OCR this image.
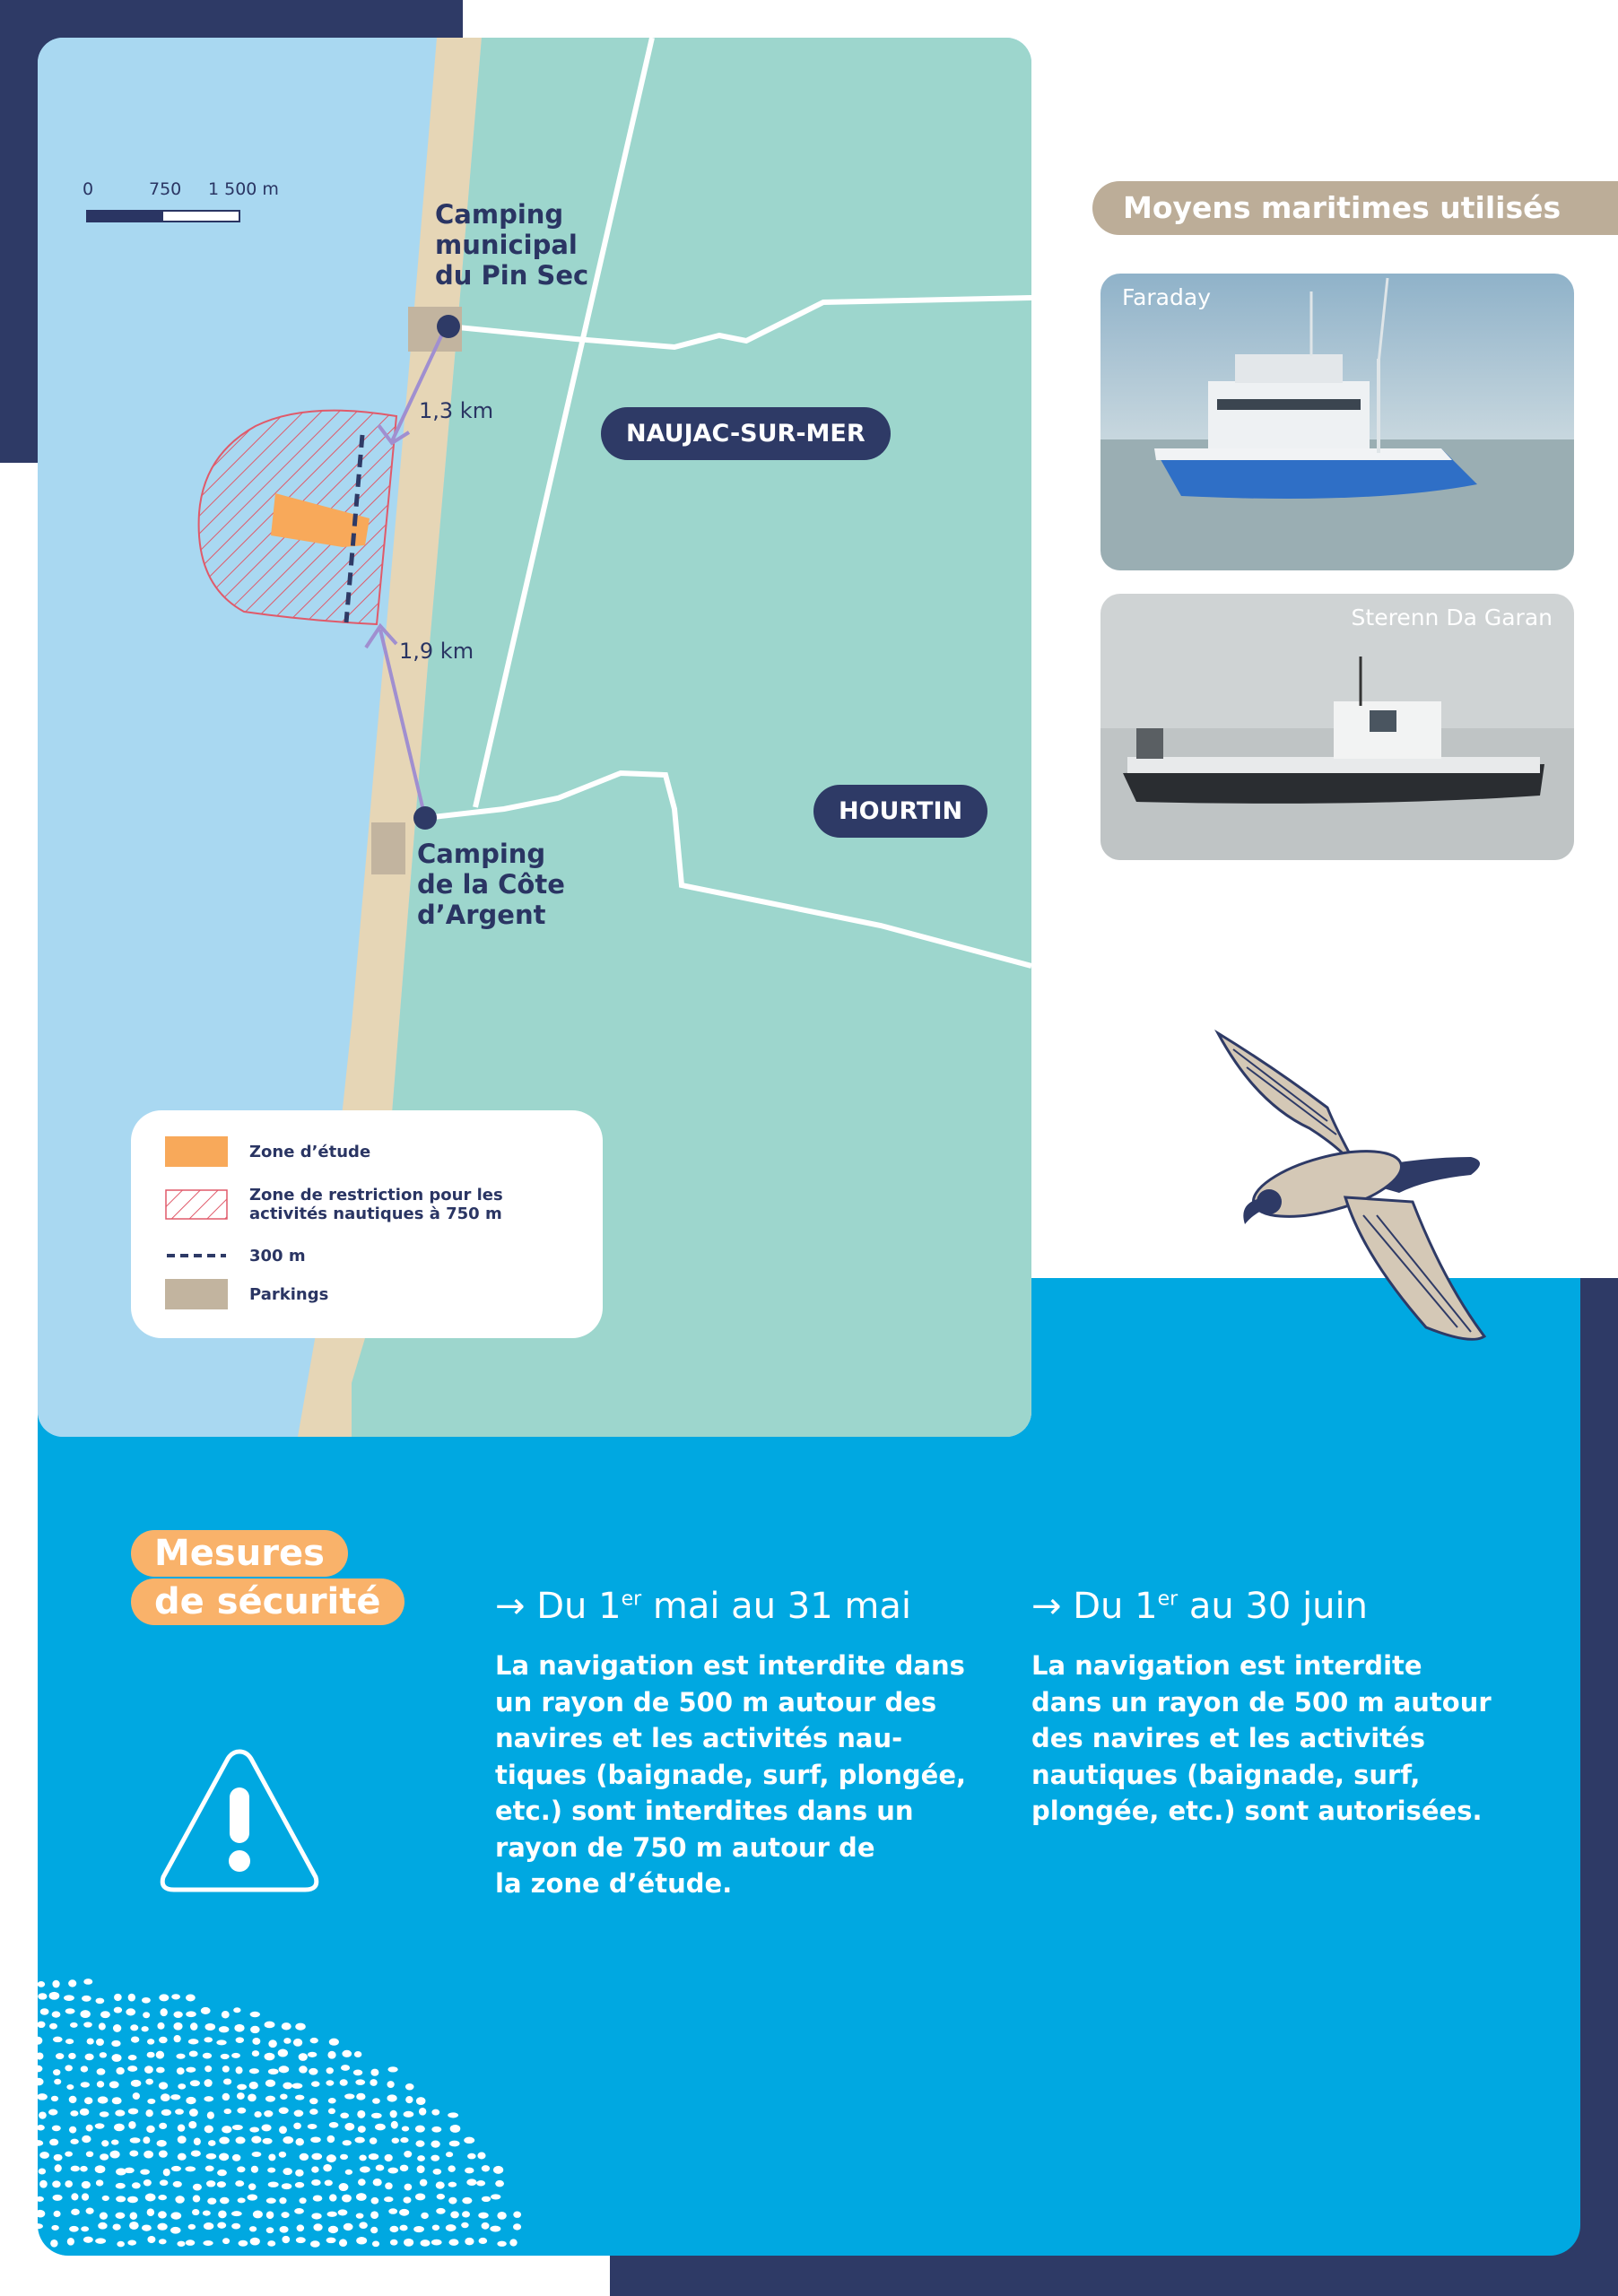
0	750 1 500 m
Camping
municipal
du Pin Sec
Camping
de la Côte
d’Argent
1,3 km
1,9 km
NAUJAC-SUR-MER
HOURTIN
Zone d’étude
Zone de restriction pour les activités nautiques à 750 m
300 m
Parkings
Moyens maritimes utilisés
Faraday
Sterenn Da Garan
Mesures
de sécurité	→ Du 1er mai au 31 mai
La navigation est interdite dans
un rayon de 500 m autour des
navires et les activités nau-
tiques (baignade, surf, plongée,
etc.) sont interdites dans un
rayon de 750 m autour de
la zone d’étude.
→ Du 1er au 30 juin
La navigation est interdite
dans un rayon de 500 m autour
des navires et les activités
nautiques (baignade, surf,
plongée, etc.) sont autorisées.
